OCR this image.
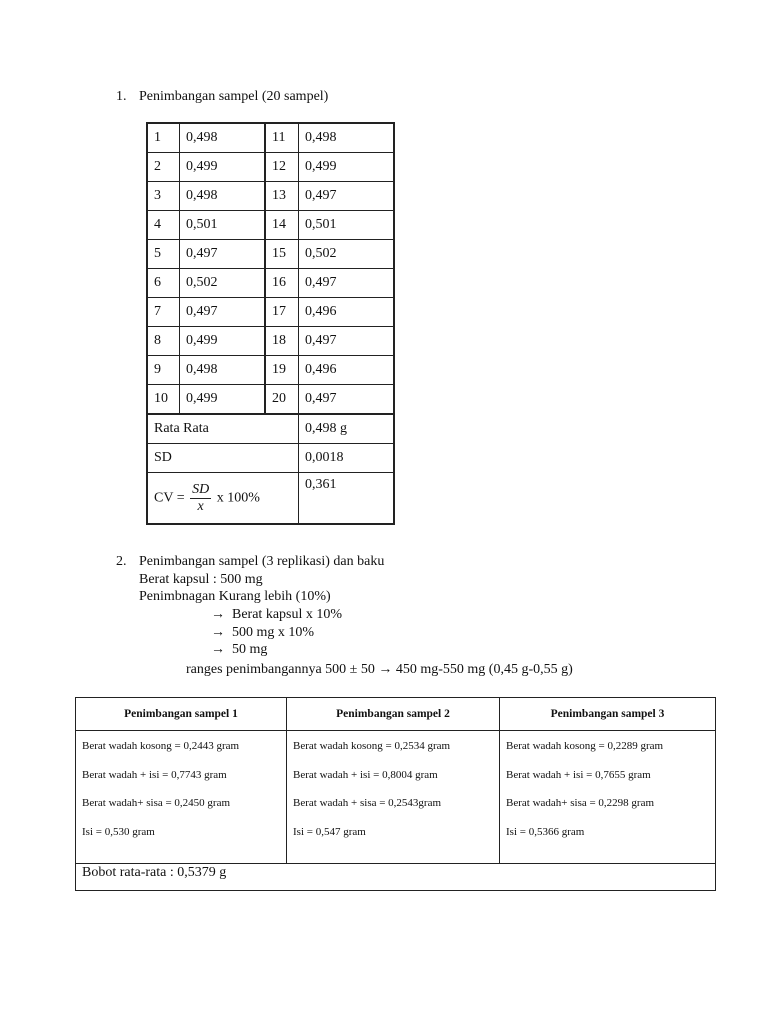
1. Penimbangan sampel (20 sampel)
1	0,498	11	0,498
2	0,499	12	0,499
3	0,498	13	0,497
4	0,501	14	0,501
5	0,497	15	0,502
6	0,502	16	0,497
7	0,497	17	0,496
8	0,499	18	0,497
9	0,498	19	0,496
10	0,499	20	0,497
Rata Rata			0,498 g
SD			0,0018
CV = $\frac{SD}{x}$ x 100%			0,361
2. Penimbangan sampel (3 replikasi) dan baku
Berat kapsul : 500 mg
Penimbnagan Kurang lebih (10%)
→ Berat kapsul x 10%
→ 500 mg x 10%
→ 50 mg
ranges penimbangannya 500 ± 50 → 450 mg-550 mg (0,45 g-0,55 g)
Penimbangan sampel 1	Penimbangan sampel 2	Penimbangan sampel 3

Berat wadah kosong = 0,2443 gram
Berat wadah + isi = 0,7743 gram
Berat wadah+ sisa = 0,2450 gram
Isi = 0,530 gram	Berat wadah kosong = 0,2534 gram
Berat wadah + isi = 0,8004 gram
Berat wadah + sisa = 0,2543gram
Isi = 0,547 gram	Berat wadah kosong = 0,2289 gram
Berat wadah + isi = 0,7655 gram
Berat wadah+ sisa = 0,2298 gram
Isi = 0,5366 gram

Bobot rata-rata : 0,5379 g		
